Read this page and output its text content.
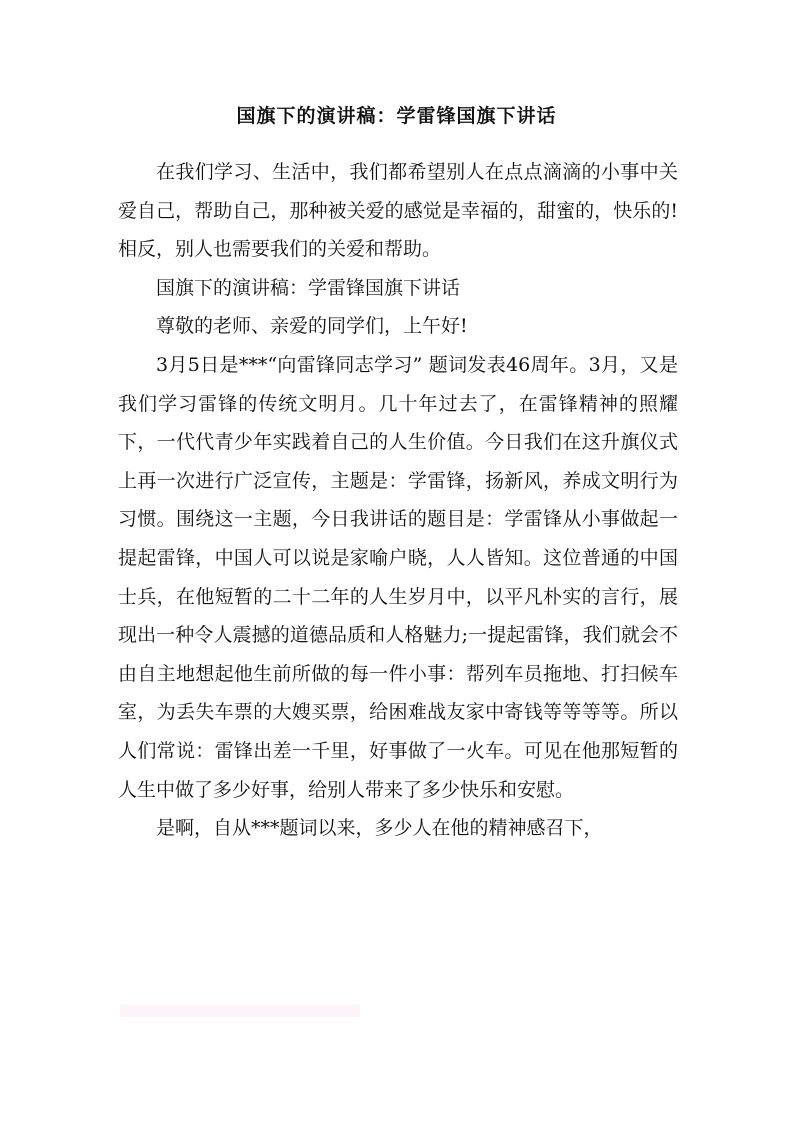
国旗下的演讲稿：学雷锋国旗下讲话

在我们学习、生活中，我们都希望别人在点点滴滴的小事中关爱自己，帮助自己，那种被关爱的感觉是幸福的，甜蜜的，快乐的!相反，别人也需要我们的关爱和帮助。

国旗下的演讲稿：学雷锋国旗下讲话

尊敬的老师、亲爱的同学们，上午好!

3月5日是***“向雷锋同志学习” 题词发表46周年。3月，又是我们学习雷锋的传统文明月。几十年过去了，在雷锋精神的照耀下，一代代青少年实践着自己的人生价值。今日我们在这升旗仪式上再一次进行广泛宣传，主题是：学雷锋，扬新风，养成文明行为习惯。围绕这一主题，今日我讲话的题目是：学雷锋从小事做起一提起雷锋，中国人可以说是家喻户晓，人人皆知。这位普通的中国士兵，在他短暂的二十二年的人生岁月中，以平凡朴实的言行，展现出一种令人震撼的道德品质和人格魅力;一提起雷锋，我们就会不由自主地想起他生前所做的每一件小事：帮列车员拖地、打扫候车室，为丢失车票的大嫂买票，给困难战友家中寄钱等等等等。所以人们常说：雷锋出差一千里，好事做了一火车。可见在他那短暂的人生中做了多少好事，给别人带来了多少快乐和安慰。

是啊，自从***题词以来，多少人在他的精神感召下，
